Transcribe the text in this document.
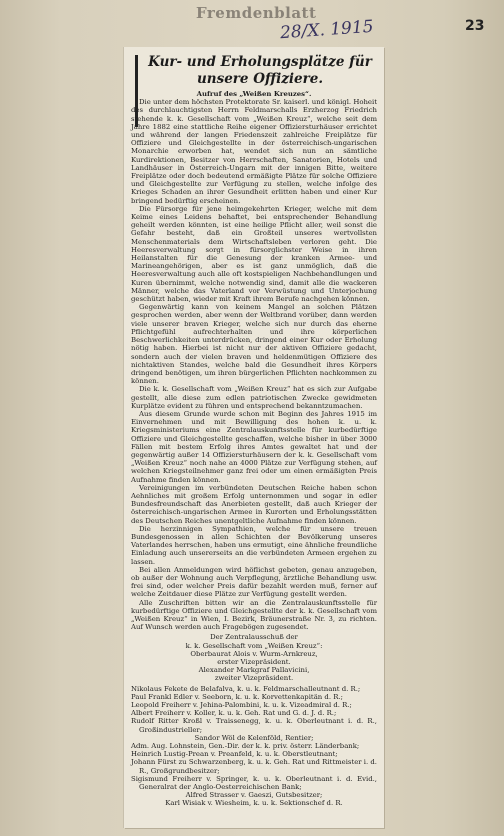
Fremdenblatt
28/X. 1915	23
Kur- und Erholungsplätze für unsere Offiziere.

Aufruf des „Weißen Kreuzes“.

Die unter dem höchsten Protektorate Sr. kaiserl. und königl. Hoheit des durchlauchtigsten Herrn Feldmarschalls Erzherzog Friedrich stehende k. k. Gesellschaft vom „Weißen Kreuz“, welche seit dem Jahre 1882 eine stattliche Reihe eigener Offiziersturhäuser errichtet und während der langen Friedenszeit zahlreiche Freiplätze für Offiziere und Gleichgestellte in der österreichisch-ungarischen Monarchie erworben hat, wendet sich nun an sämtliche Kurdirektionen, Besitzer von Herrschaften, Sanatorien, Hotels und Landhäuser in Österreich-Ungarn mit der innigen Bitte, weitere Freiplätze oder doch bedeutend ermäßigte Plätze für solche Offiziere und Gleichgestellte zur Verfügung zu stellen, welche infolge des Krieges Schaden an ihrer Gesundheit erlitten haben und einer Kur bringend bedürftig erscheinen.

Die Fürsorge für jene heimgekehrten Krieger, welche mit dem Keime eines Leidens behaftet, bei entsprechender Behandlung geheilt werden könnten, ist eine heilige Pflicht aller, weil sonst die Gefahr besteht, daß ein Großteil unseres wertvollsten Menschenmaterials dem Wirtschaftsleben verloren geht. Die Heeresverwaltung sorgt in fürsorglichster Weise in ihren Heilanstalten für die Genesung der kranken Armee- und Marineangehörigen, aber es ist ganz unmöglich, daß die Heeresverwaltung auch alle oft kostspieligen Nachbehandlungen und Kuren übernimmt, welche notwendig sind, damit alle die wackeren Männer, welche das Vaterland vor Verwüstung und Unterjochung geschützt haben, wieder mit Kraft ihrem Berufe nachgehen können.

Gegenwärtig kann von keinem Mangel an solchen Plätzen gesprochen werden, aber wenn der Weltbrand vorüber, dann werden viele unserer braven Krieger, welche sich nur durch das eherne Pflichtgefühl aufrechterhalten und ihre körperlichen Beschwerlichkeiten unterdrücken, dringend einer Kur oder Erholung nötig haben. Hierbei ist nicht nur der aktiven Offiziere gedacht, sondern auch der vielen braven und heldenmütigen Offiziere des nichtaktiven Standes, welche bald die Gesundheit ihres Körpers dringend benötigen, um ihren bürgerlichen Pflichten nachkommen zu können.

Die k. k. Gesellschaft vom „Weißen Kreuz“ hat es sich zur Aufgabe gestellt, alle diese zum edlen patriotischen Zwecke gewidmeten Kurplätze evident zu führen und entsprechend bekanntzumachen.

Aus diesem Grunde wurde schon mit Beginn des Jahres 1915 im Einvernehmen und mit Bewilligung des hohen k. u. k. Kriegsministeriums eine Zentralauskunftsstelle für kurbedürftige Offiziere und Gleichgestellte geschaffen, welche bisher in über 3000 Fällen mit bestem Erfolg ihres Amtes gewaltet hat und der gegenwärtig außer 14 Offiziersturhäusern der k. k. Gesellschaft vom „Weißen Kreuz“ noch nahe an 4000 Plätze zur Verfügung stehen, auf welchen Kriegsteilnehmer ganz frei oder um einen ermäßigten Preis Aufnahme finden können.

Vereinigungen im verbündeten Deutschen Reiche haben schon Aehnliches mit großem Erfolg unternommen und sogar in edler Bundesfreundschaft das Anerbieten gestellt, daß auch Krieger der österreichisch-ungarischen Armee in Kurorten und Erholungsstätten des Deutschen Reiches unentgeltliche Aufnahme finden können.

Die herzinnigen Sympathien, welche für unsere treuen Bundesgenossen in allen Schichten der Bevölkerung unseres Vaterlandes herrschen, haben uns ermutigt, eine ähnliche freundliche Einladung auch unsererseits an die verbündeten Armeen ergehen zu lassen.

Bei allen Anmeldungen wird höflichst gebeten, genau anzugeben, ob außer der Wohnung auch Verpflegung, ärztliche Behandlung usw. frei sind, oder welcher Preis dafür bezahlt werden muß, ferner auf welche Zeitdauer diese Plätze zur Verfügung gestellt werden.

Alle Zuschriften bitten wir an die Zentralauskunftsstelle für kurbedürftige Offiziere und Gleichgestellte der k. k. Gesellschaft vom „Weißen Kreuz“ in Wien, I. Bezirk, Bräunerstraße Nr. 3, zu richten. Auf Wunsch werden auch Fragebögen zugesendet.

Der Zentralausschuß der

k. k. Gesellschaft vom „Weißen Kreuz“:

Oberbaurat Alois v. Wurm-Arnkreuz,

erster Vizepräsident.

Alexander Markgraf Pallavicini,

zweiter Vizepräsident.

Nikolaus Fekete de Belafalva, k. u. k. Feldmarschalleutnant d. R.;

Paul Frankl Edler v. Seeborn, k. u. k. Korvettenkapitän d. R.;

Leopold Freiherr v. Jehina-Palombini, k. u. k. Vizeadmiral d. R.;

Albert Freiherr v. Koller, k. u. k. Geh. Rat und G. d. J. d. R.;

Rudolf Ritter Kroßl v. Traissenegg, k. u. k. Oberleutnant i. d. R., Großindustrieller;

Sandor Wöl de Kelenföld, Rentier;

Adm. Aug. Lohnstein, Gen.-Dir. der k. k. priv. österr. Länderbank;

Heinrich Lustig-Prean v. Preanfeld, k. u. k. Oberstleutnant;

Johann Fürst zu Schwarzenberg, k. u. k. Geh. Rat und Rittmeister i. d. R., Großgrundbesitzer;

Sigismund Freiherr v. Springer, k. u. k. Oberleutnant i. d. Evid., Generalrat der Anglo-Oesterreichischen Bank;

Alfred Strasser v. Gaeszi, Gutsbesitzer;

Karl Wisiak v. Wiesheim, k. u. k. Sektionschef d. R.
